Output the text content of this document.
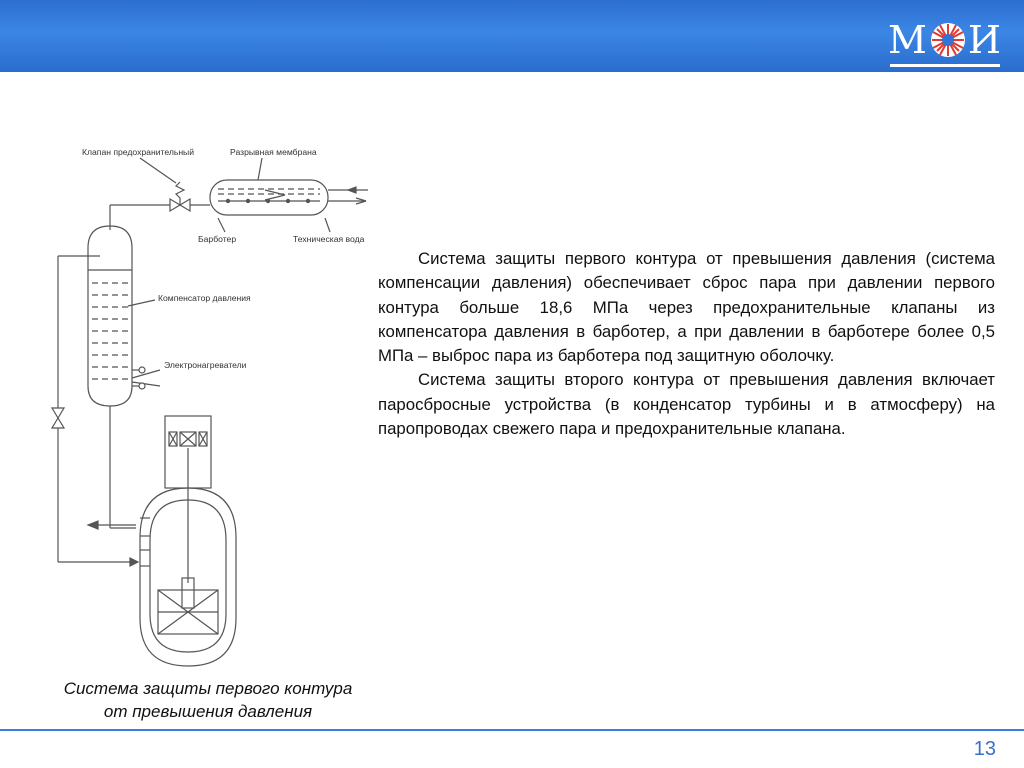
М И
Клапан предохранительный	Разрывная мембрана
Барботер	Техническая вода
Компенсатор давления
Электронагреватели
Система защиты первого контура
от превышения давления

Система защиты первого контура от превышения давления (система компенсации давления) обеспечивает сброс пара при давлении первого контура больше 18,6 МПа через предохранительные клапаны из компенсатора давления в барботер, а при давлении в барботере более 0,5 МПа – выброс пара из барботера под защитную оболочку.

Система защиты второго контура от превышения давления включает паросбросные устройства (в конденсатор турбины и в атмосферу) на паропроводах свежего пара и предохранительные клапана.

13
